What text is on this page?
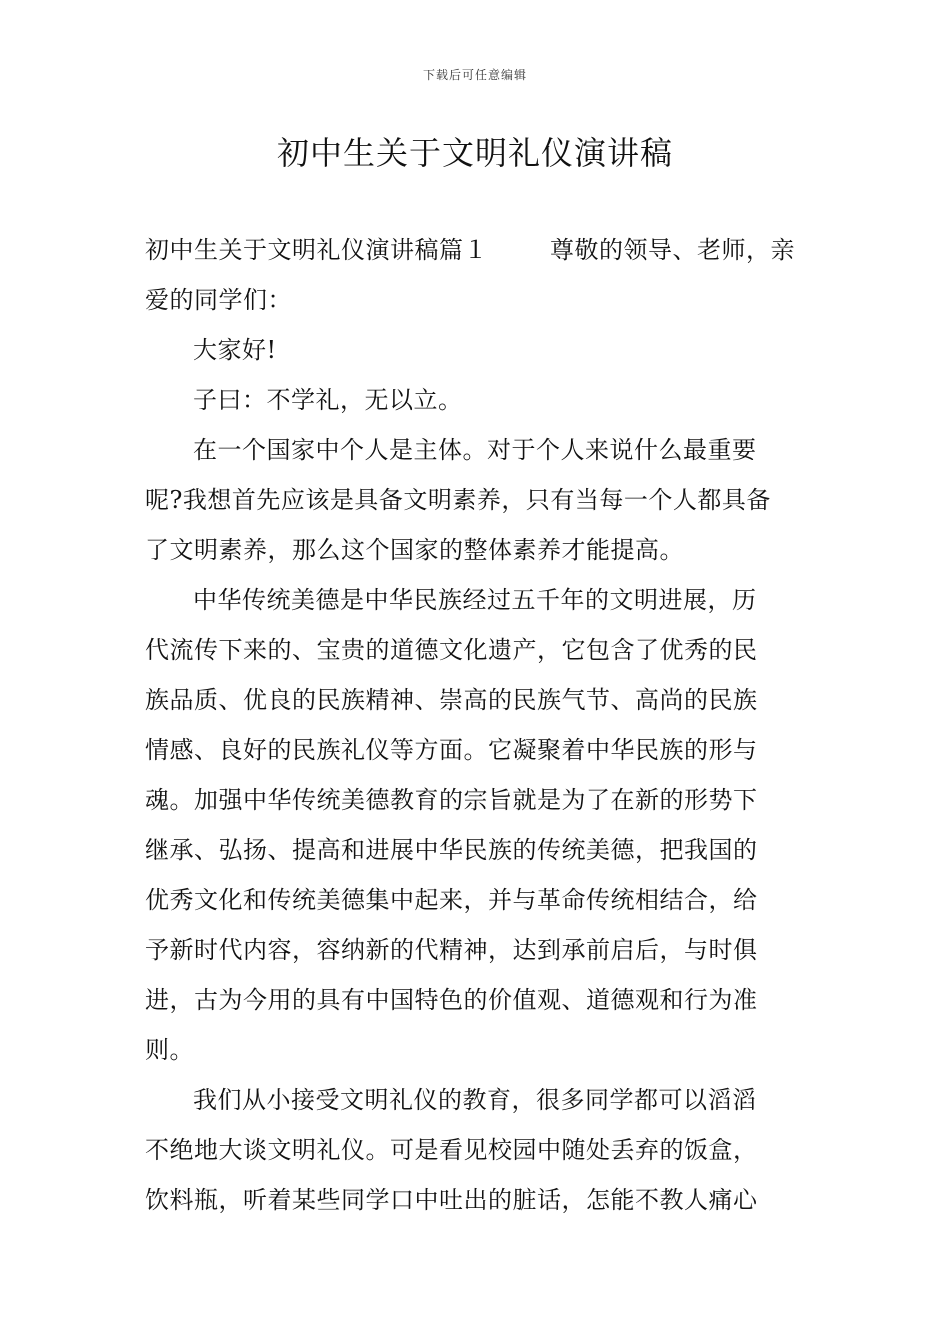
下载后可任意编辑
初中生关于文明礼仪演讲稿

初中生关于文明礼仪演讲稿篇１	尊敬的领导、老师，亲
爱的同学们：

大家好!

子曰：不学礼，无以立。

在一个国家中个人是主体。对于个人来说什么最重要
呢?我想首先应该是具备文明素养，只有当每一个人都具备
了文明素养，那么这个国家的整体素养才能提高。

中华传统美德是中华民族经过五千年的文明进展，历
代流传下来的、宝贵的道德文化遗产，它包含了优秀的民
族品质、优良的民族精神、崇高的民族气节、高尚的民族
情感、良好的民族礼仪等方面。它凝聚着中华民族的形与
魂。加强中华传统美德教育的宗旨就是为了在新的形势下
继承、弘扬、提高和进展中华民族的传统美德，把我国的
优秀文化和传统美德集中起来，并与革命传统相结合，给
予新时代内容，容纳新的代精神，达到承前启后，与时俱
进，古为今用的具有中国特色的价值观、道德观和行为准
则。

我们从小接受文明礼仪的教育，很多同学都可以滔滔
不绝地大谈文明礼仪。可是看见校园中随处丢弃的饭盒，
饮料瓶，听着某些同学口中吐出的脏话，怎能不教人痛心
